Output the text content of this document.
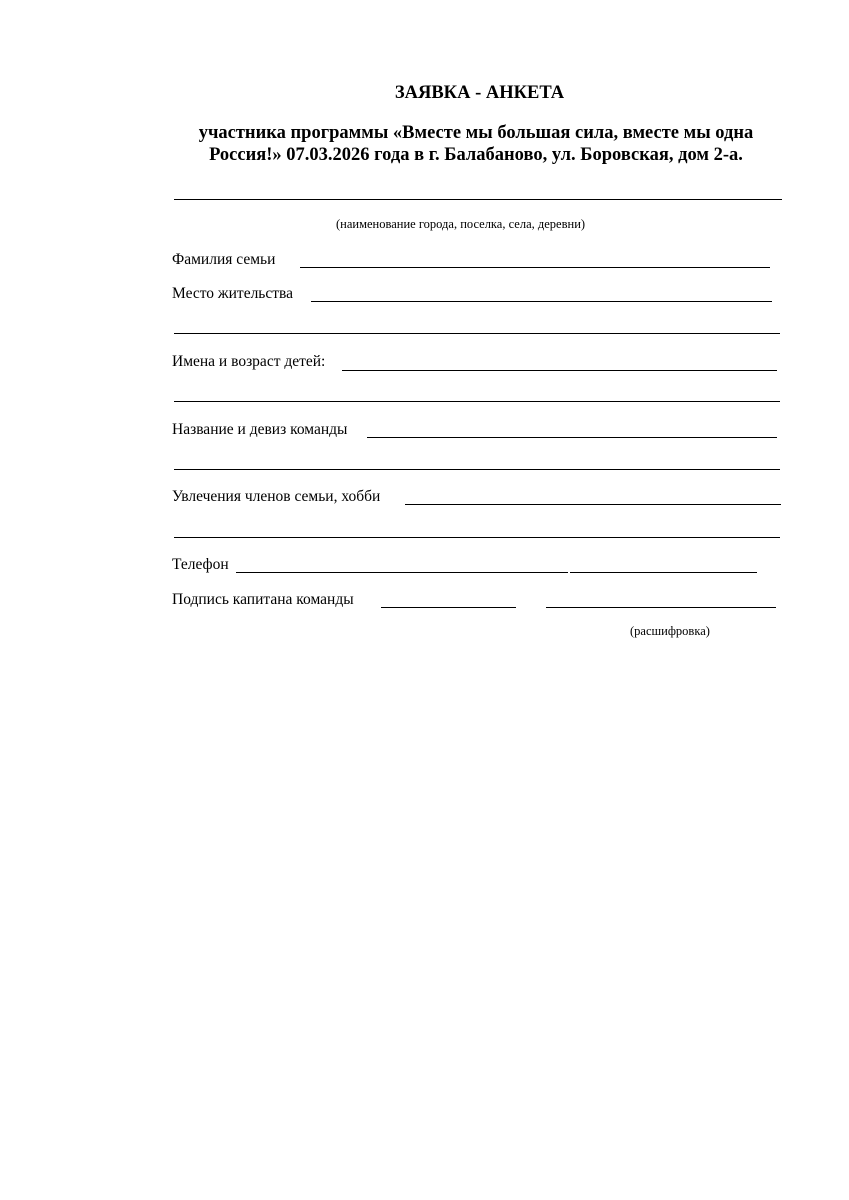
ЗАЯВКА - АНКЕТА

участника программы «Вместе мы большая сила, вместе мы одна
Россия!» 07.03.2026 года в г. Балабаново, ул. Боровская, дом 2-а.
(наименование города, поселка, села, деревни)
Фамилия семьи
Место жительства
Имена и возраст детей:
Название и девиз команды
Увлечения членов семьи, хобби
Телефон
Подпись капитана команды
(расшифровка)
